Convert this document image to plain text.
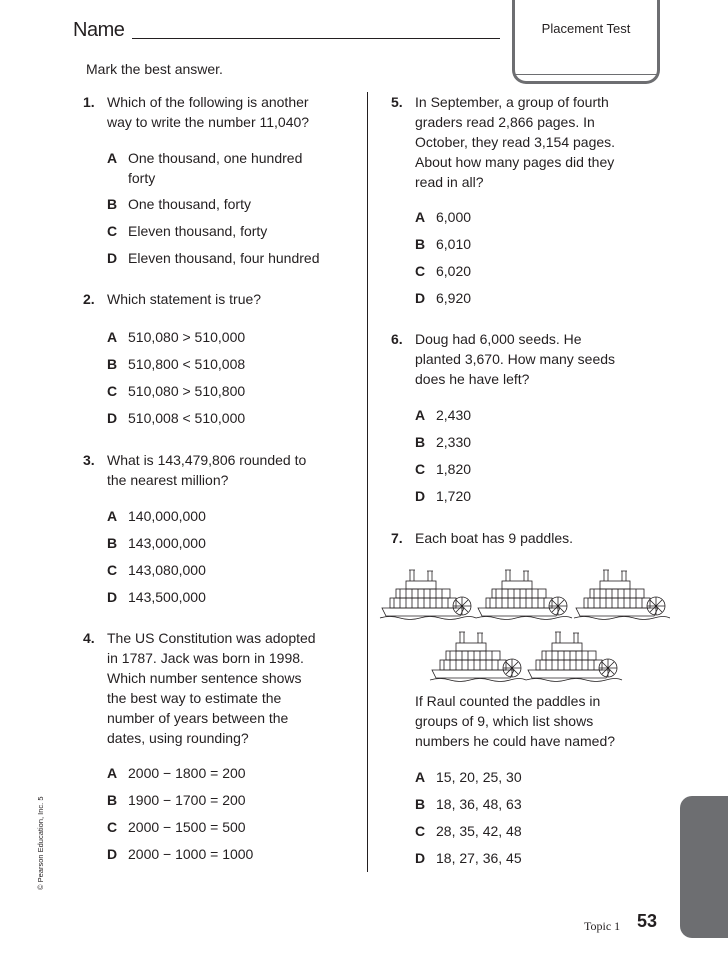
Name	Placement Test
Mark the best answer.
1. Which of the following is another
way to write the number 11,040?
A One thousand, one hundred
forty
B One thousand, forty
C Eleven thousand, forty
D Eleven thousand, four hundred
2. Which statement is true?
A 510,080 > 510,000
B 510,800 < 510,008
C 510,080 > 510,800
D 510,008 < 510,000
3. What is 143,479,806 rounded to
the nearest million?
A 140,000,000
B 143,000,000
C 143,080,000
D 143,500,000
4. The US Constitution was adopted
in 1787. Jack was born in 1998.
Which number sentence shows
the best way to estimate the
number of years between the
dates, using rounding?
A 2000 − 1800 = 200
B 1900 − 1700 = 200
C 2000 − 1500 = 500
D 2000 − 1000 = 1000
5. In September, a group of fourth
graders read 2,866 pages. In
October, they read 3,154 pages.
About how many pages did they
read in all?
A 6,000
B 6,010
C 6,020
D 6,920
6. Doug had 6,000 seeds. He
planted 3,670. How many seeds
does he have left?
A 2,430
B 2,330
C 1,820
D 1,720
7. Each boat has 9 paddles.
If Raul counted the paddles in
groups of 9, which list shows
numbers he could have named?
A 15, 20, 25, 30
B 18, 36, 48, 63
C 28, 35, 42, 48
D 18, 27, 36, 45
© Pearson Education, Inc. 5
Placement Test
Topic 1 53
